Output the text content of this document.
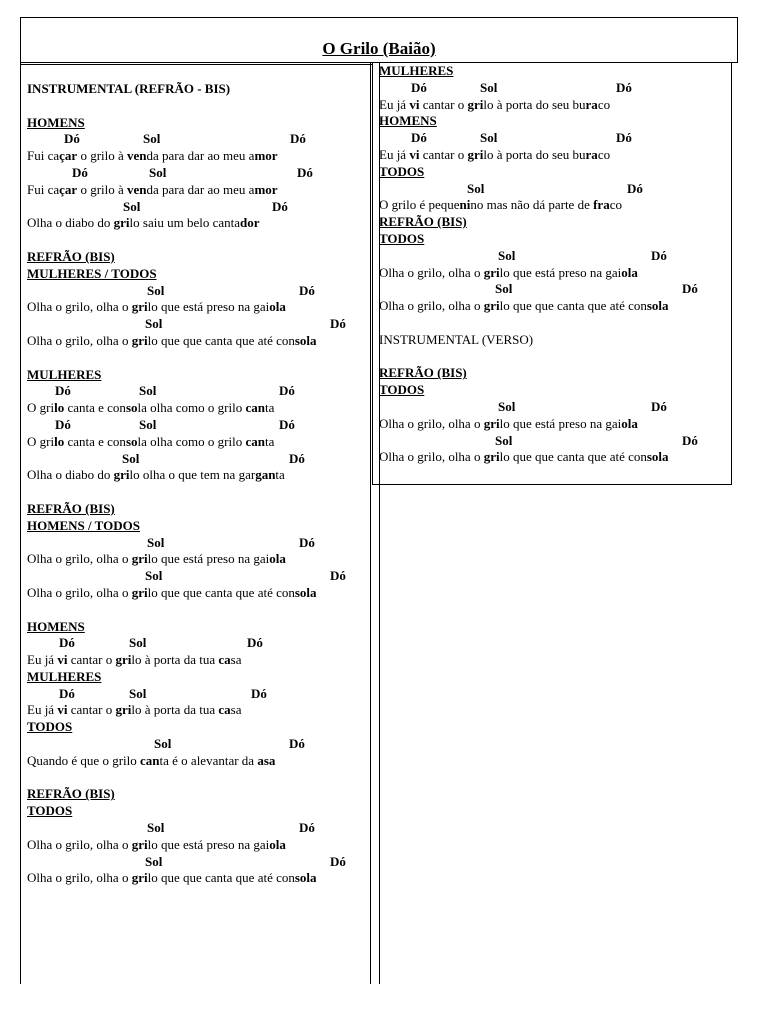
O Grilo (Baião)
INSTRUMENTAL (REFRÃO - BIS)
HOMENS

Dó

	Sol

	Dó

Fui caçar o grilo à venda para dar ao meu amor

Dó

	Sol

	Dó

Fui caçar o grilo à venda para dar ao meu amor

Sol

	Dó

Olha o diabo do grilo saiu um belo cantador
REFRÃO (BIS)
MULHERES / TODOS

Sol

	Dó

Olha o grilo, olha o grilo que está preso na gaiola

Sol

	Dó

Olha o grilo, olha o grilo que que canta que até consola
MULHERES

Dó

	Sol

	Dó

O grilo canta e consola olha como o grilo canta

Dó

	Sol

	Dó

O grilo canta e consola olha como o grilo canta

Sol

	Dó

Olha o diabo do grilo olha o que tem na garganta
REFRÃO (BIS)
HOMENS / TODOS

Sol

	Dó

Olha o grilo, olha o grilo que está preso na gaiola

Sol

	Dó

Olha o grilo, olha o grilo que que canta que até consola
HOMENS

Dó

	Sol

	Dó

Eu já vi cantar o grilo à porta da tua casa
MULHERES

Dó

	Sol

	Dó

Eu já vi cantar o grilo à porta da tua casa
TODOS

Sol

	Dó

Quando é que o grilo canta é o alevantar da asa
REFRÃO (BIS)
TODOS

Sol

	Dó

Olha o grilo, olha o grilo que está preso na gaiola

Sol

	Dó

Olha o grilo, olha o grilo que que canta que até consola
MULHERES

Dó

	Sol

	Dó

Eu já vi cantar o grilo à porta do seu buraco
HOMENS

Dó

	Sol

	Dó

Eu já vi cantar o grilo à porta do seu buraco
TODOS

Sol

	Dó

O grilo é pequenino mas não dá parte de fraco
REFRÃO (BIS)
TODOS

Sol

	Dó

Olha o grilo, olha o grilo que está preso na gaiola

Sol

	Dó

Olha o grilo, olha o grilo que que canta que até consola
INSTRUMENTAL (VERSO)
REFRÃO (BIS)
TODOS

Sol

	Dó

Olha o grilo, olha o grilo que está preso na gaiola

Sol

	Dó

Olha o grilo, olha o grilo que que canta que até consola
